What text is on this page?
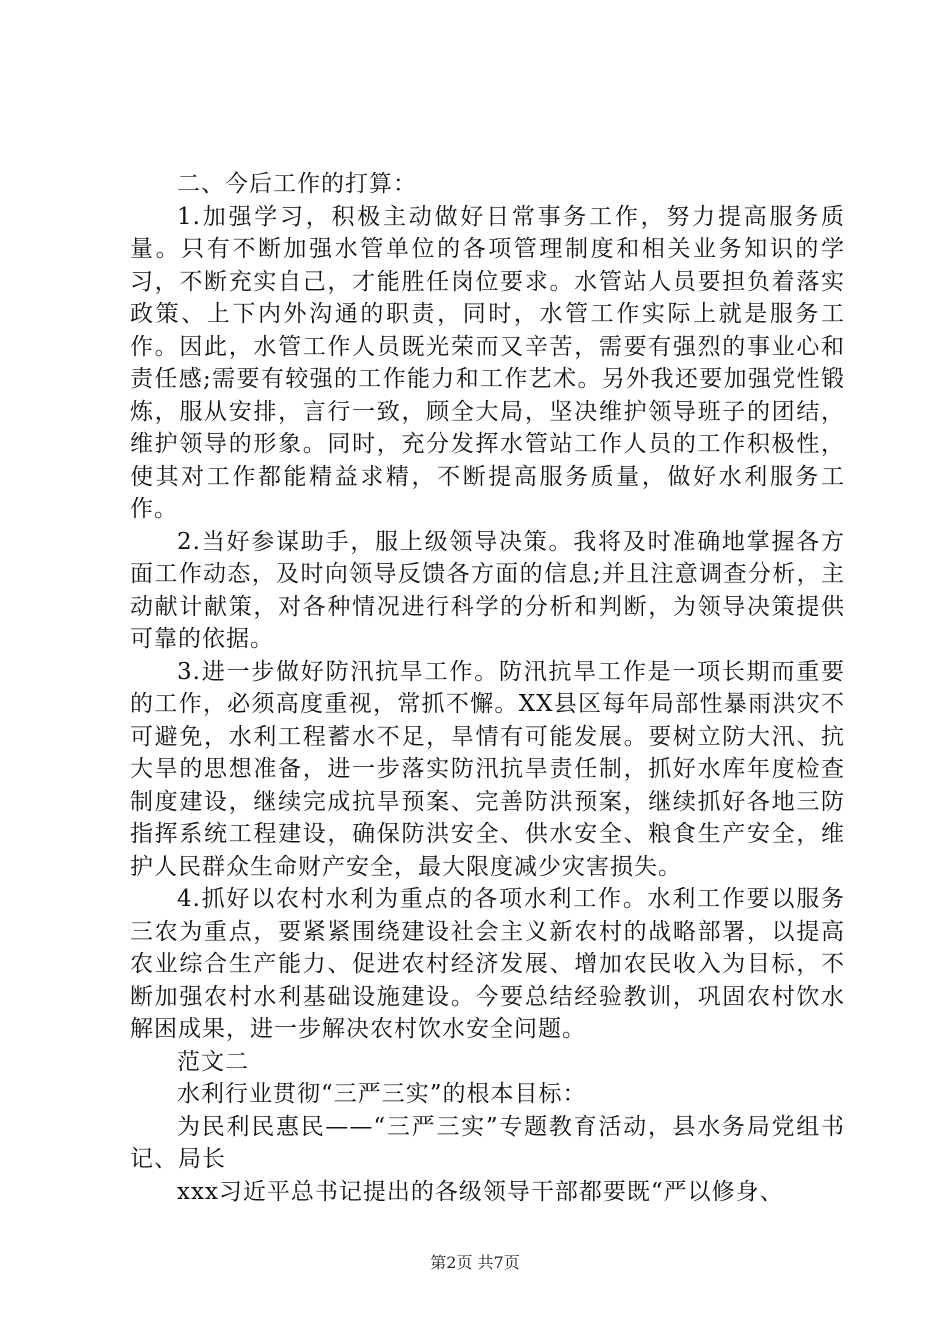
二、今后工作的打算：

1.加强学习，积极主动做好日常事务工作，努力提高服务质量。只有不断加强水管单位的各项管理制度和相关业务知识的学习，不断充实自己，才能胜任岗位要求。水管站人员要担负着落实政策、上下内外沟通的职责，同时，水管工作实际上就是服务工作。因此，水管工作人员既光荣而又辛苦，需要有强烈的事业心和责任感;需要有较强的工作能力和工作艺术。另外我还要加强党性锻炼，服从安排，言行一致，顾全大局，坚决维护领导班子的团结，维护领导的形象。同时，充分发挥水管站工作人员的工作积极性，使其对工作都能精益求精，不断提高服务质量，做好水利服务工作。

2.当好参谋助手，服上级领导决策。我将及时准确地掌握各方面工作动态，及时向领导反馈各方面的信息;并且注意调查分析，主动献计献策，对各种情况进行科学的分析和判断，为领导决策提供可靠的依据。

3.进一步做好防汛抗旱工作。防汛抗旱工作是一项长期而重要的工作，必须高度重视，常抓不懈。XX县区每年局部性暴雨洪灾不可避免，水利工程蓄水不足，旱情有可能发展。要树立防大汛、抗大旱的思想准备，进一步落实防汛抗旱责任制，抓好水库年度检查制度建设，继续完成抗旱预案、完善防洪预案，继续抓好各地三防指挥系统工程建设，确保防洪安全、供水安全、粮食生产安全，维护人民群众生命财产安全，最大限度减少灾害损失。

4.抓好以农村水利为重点的各项水利工作。水利工作要以服务三农为重点，要紧紧围绕建设社会主义新农村的战略部署，以提高农业综合生产能力、促进农村经济发展、增加农民收入为目标，不断加强农村水利基础设施建设。今要总结经验教训，巩固农村饮水解困成果，进一步解决农村饮水安全问题。

范文二

水利行业贯彻“三严三实”的根本目标：

为民利民惠民——“三严三实”专题教育活动，县水务局党组书记、局长

xxx习近平总书记提出的各级领导干部都要既“严以修身、

第2页 共7页
